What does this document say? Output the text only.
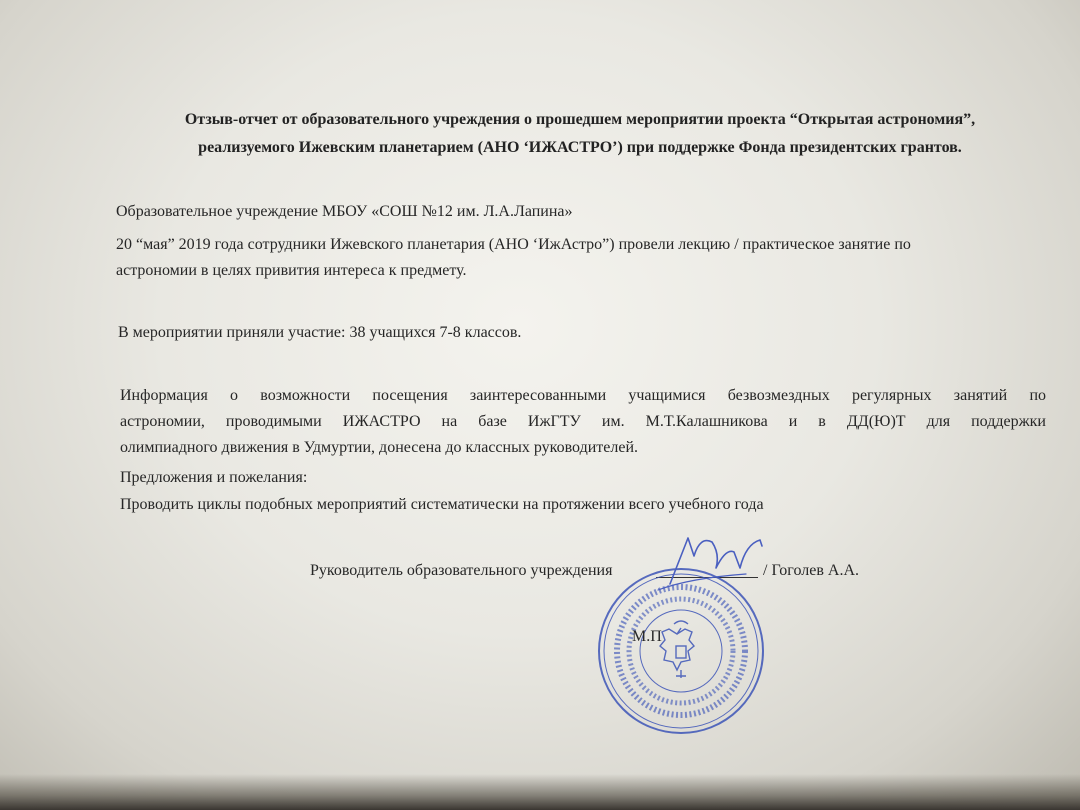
Отзыв-отчет от образовательного учреждения о прошедшем мероприятии проекта “Открытая астрономия”,
реализуемого Ижевским планетарием (АНО ‘ИЖАСТРО’) при поддержке Фонда президентских грантов.
Образовательное учреждение МБОУ «СОШ №12 им. Л.А.Лапина»
20 “мая” 2019 года сотрудники Ижевского планетария (АНО ‘ИжАстро”) провели лекцию / практическое занятие по
астрономии в целях привития интереса к предмету.
В мероприятии приняли участие: 38 учащихся 7-8 классов.
Информация о возможности посещения заинтересованными учащимися безвозмездных регулярных занятий по
астрономии, проводимыми ИЖАСТРО на базе ИжГТУ им. М.Т.Калашникова и в ДД(Ю)Т для поддержки
олимпиадного движения в Удмуртии, донесена до классных руководителей.
Предложения и пожелания:
Проводить циклы подобных мероприятий систематически на протяжении всего учебного года
Руководитель образовательного учреждения	/ Гоголев А.А.
М.П
